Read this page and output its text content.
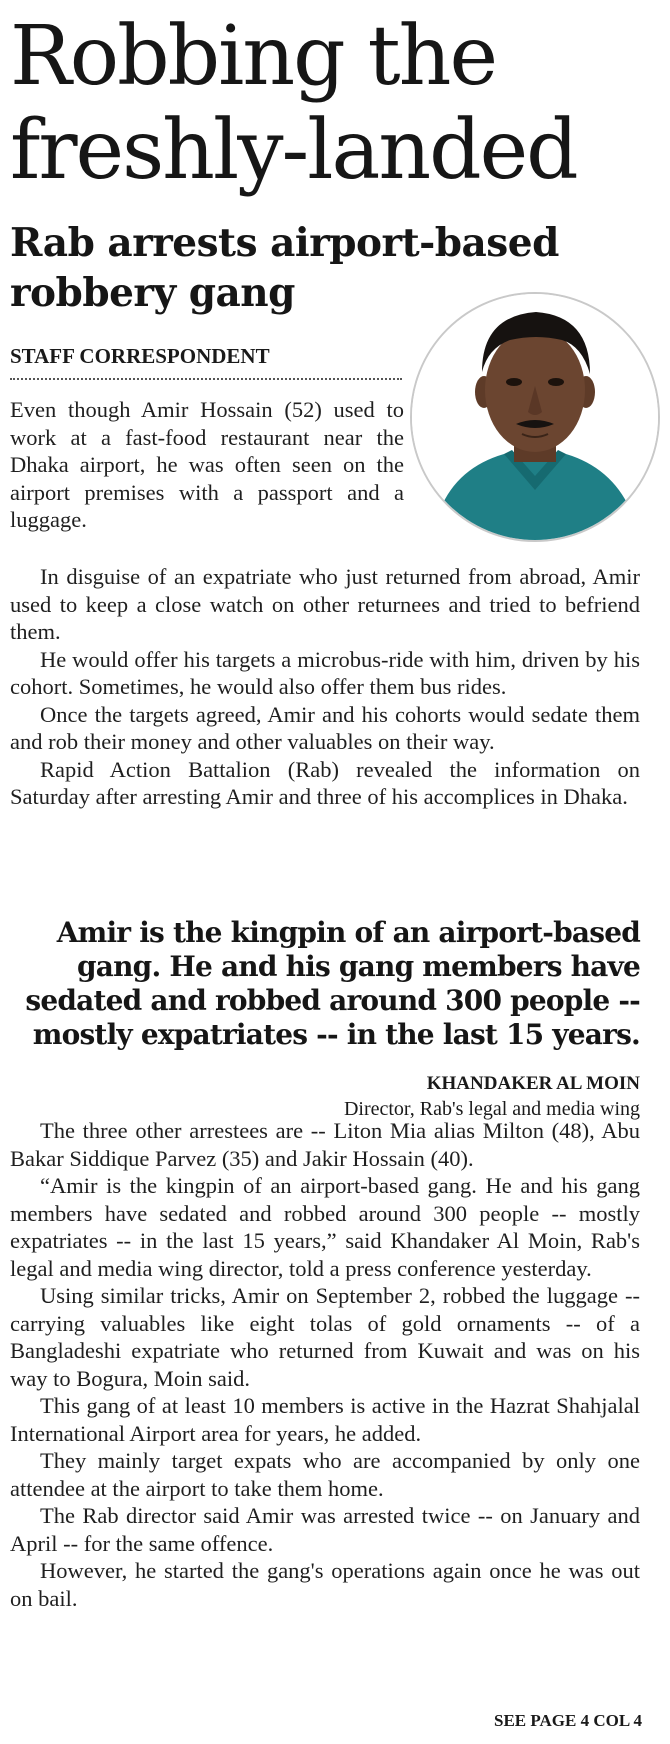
Robbing the freshly-landed
Rab arrests airport-based robbery gang
STAFF CORRESPONDENT

Even though Amir Hossain (52) used to work at a fast-food restaurant near the Dhaka airport, he was often seen on the airport premises with a passport and a luggage.

In disguise of an expatriate who just returned from abroad, Amir used to keep a close watch on other returnees and tried to befriend them.

He would offer his targets a microbus-ride with him, driven by his cohort. Sometimes, he would also offer them bus rides.

Once the targets agreed, Amir and his cohorts would sedate them and rob their money and other valuables on their way.

Rapid Action Battalion (Rab) revealed the information on Saturday after arresting Amir and three of his accomplices in Dhaka.

Amir is the kingpin of an airport-based gang. He and his gang members have sedated and robbed around 300 people -- mostly expatriates -- in the last 15 years.

KHANDAKER AL MOIN
Director, Rab's legal and media wing

The three other arrestees are -- Liton Mia alias Milton (48), Abu Bakar Siddique Parvez (35) and Jakir Hossain (40).

“Amir is the kingpin of an airport-based gang. He and his gang members have sedated and robbed around 300 people -- mostly expatriates -- in the last 15 years,” said Khandaker Al Moin, Rab's legal and media wing director, told a press conference yesterday.

Using similar tricks, Amir on September 2, robbed the luggage -- carrying valuables like eight tolas of gold ornaments -- of a Bangladeshi expatriate who returned from Kuwait and was on his way to Bogura, Moin said.

This gang of at least 10 members is active in the Hazrat Shahjalal International Airport area for years, he added.

They mainly target expats who are accompanied by only one attendee at the airport to take them home.

The Rab director said Amir was arrested twice -- on January and April -- for the same offence.

However, he started the gang's operations again once he was out on bail.

SEE PAGE 4 COL 4
